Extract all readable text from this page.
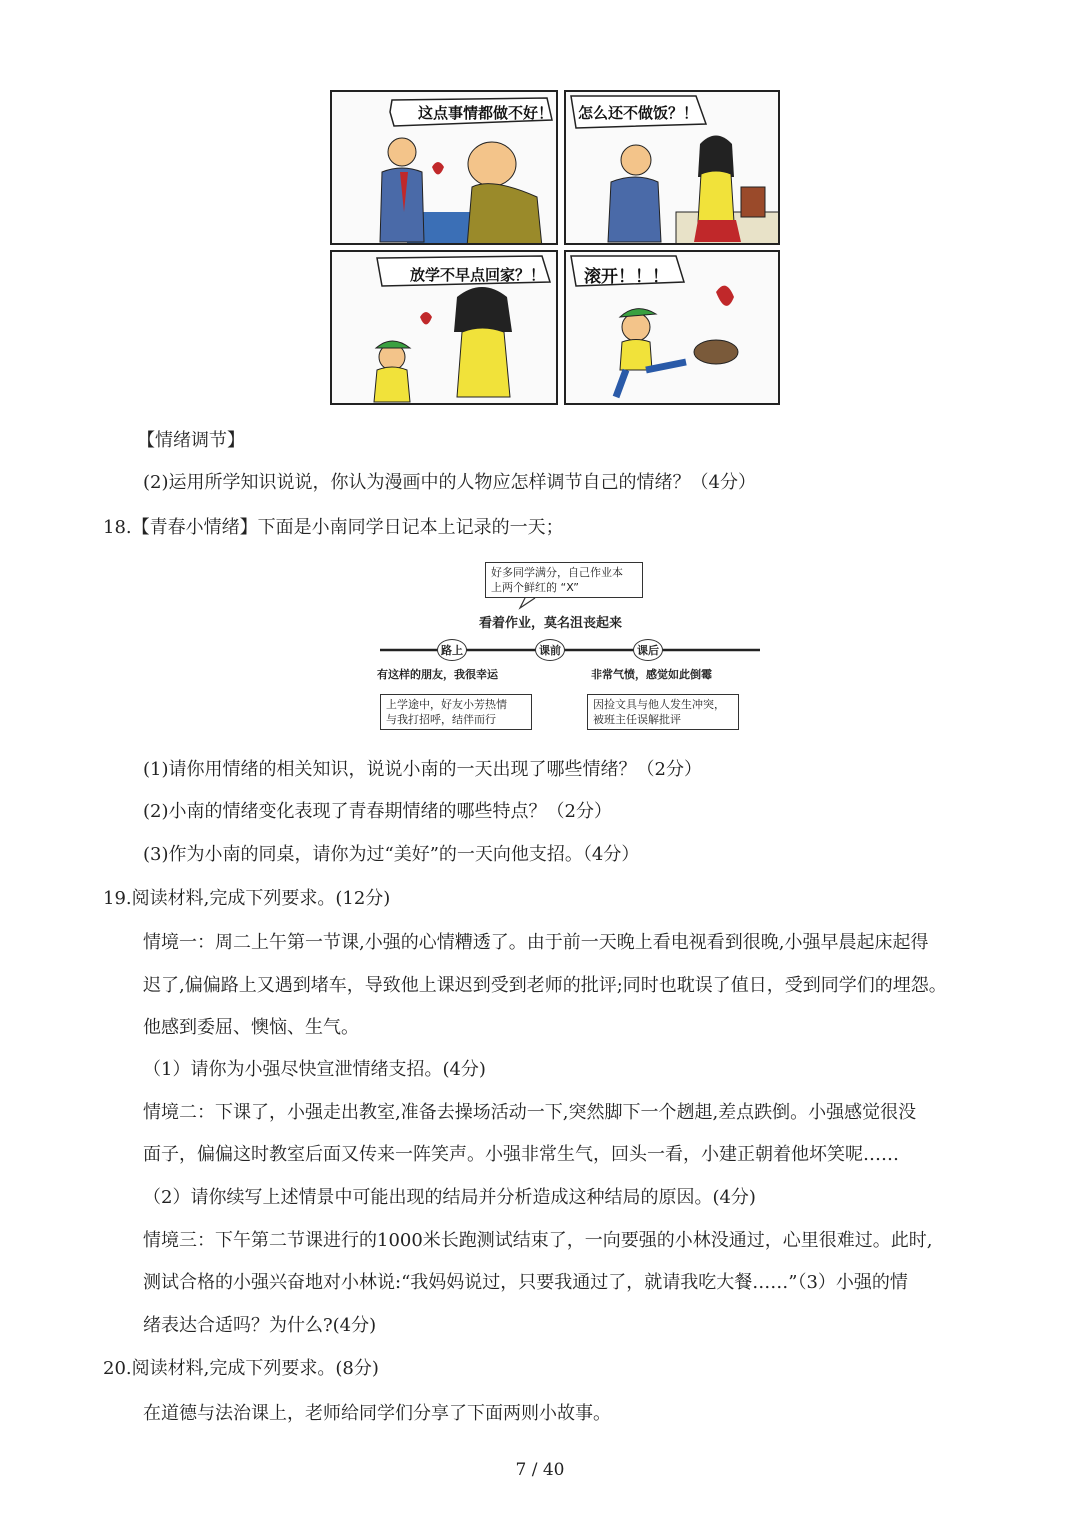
这点事情都做不好！ 怎么还不做饭？！
放学不早点回家？！ 滚开！！！
【情绪调节】
(2)运用所学知识说说，你认为漫画中的人物应怎样调节自己的情绪？（4分）
18.【青春小情绪】下面是小南同学日记本上记录的一天；
好多同学满分，自己作业本
上两个鲜红的 “X”
看着作业，莫名沮丧起来
路上	课前	课后
有这样的朋友，我很幸运	非常气愤，感觉如此倒霉
上学途中，好友小芳热情
与我打招呼，结伴而行
因捡文具与他人发生冲突，
被班主任误解批评
(1)请你用情绪的相关知识，说说小南的一天出现了哪些情绪？（2分）
(2)小南的情绪变化表现了青春期情绪的哪些特点？（2分）
(3)作为小南的同桌，请你为过“美好”的一天向他支招。（4分）
19.阅读材料,完成下列要求。(12分)
情境一：周二上午第一节课,小强的心情糟透了。由于前一天晚上看电视看到很晚,小强早晨起床起得
迟了,偏偏路上又遇到堵车，导致他上课迟到受到老师的批评;同时也耽误了值日，受到同学们的埋怨。
他感到委屈、懊恼、生气。
（1）请你为小强尽快宣泄情绪支招。(4分)
情境二：下课了，小强走出教室,准备去操场活动一下,突然脚下一个趔趄,差点跌倒。小强感觉很没
面子，偏偏这时教室后面又传来一阵笑声。小强非常生气，回头一看，小建正朝着他坏笑呢……
（2）请你续写上述情景中可能出现的结局并分析造成这种结局的原因。(4分)
情境三：下午第二节课进行的1000米长跑测试结束了，一向要强的小林没通过，心里很难过。此时,
测试合格的小强兴奋地对小林说:“我妈妈说过，只要我通过了，就请我吃大餐……”（3）小强的情
绪表达合适吗？为什么?(4分)
20.阅读材料,完成下列要求。(8分)
在道德与法治课上，老师给同学们分享了下面两则小故事。
7 / 40
